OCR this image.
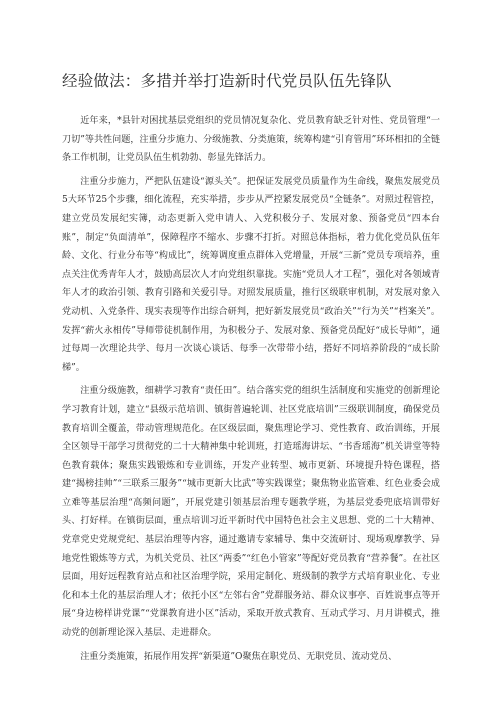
经验做法：多措并举打造新时代党员队伍先锋队

近年来，*县针对困扰基层党组织的党员情况复杂化、党员教育缺乏针对性、党员管理“一刀切”等共性问题，注重分步施力、分级施教、分类施策，统筹构建“引育管用”环环相扣的全链条工作机制，让党员队伍生机勃勃、彰显先锋活力。

注重分步施力，严把队伍建设“源头关”。把保证发展党员质量作为生命线，聚焦发展党员5大环节25个步骤，细化流程，充实举措，步步从严控紧发展党员“全链条”。对照过程管控，建立党员发展纪实簿，动态更新入党申请人、入党积极分子、发展对象、预备党员“四本台账”，制定“负面清单”，保障程序不缩水、步骤不打折。对照总体指标，着力优化党员队伍年龄、文化、行业分布等“构成比”，统筹调度重点群体入党增量，开展“三新”党员专项培养，重点关注优秀青年人才，鼓励高层次人才向党组织靠拢。实施“党员人才工程”，强化对各领域青年人才的政治引领、教育引路和关爱引导。对照发展质量，推行区级联审机制，对发展对象入党动机、入党条件、现实表现等作出综合研判，把好新发展党员“政治关”“行为关”“档案关”。发挥“薪火永相传”导师带徒机制作用，为积极分子、发展对象、预备党员配好“成长导师”，通过每周一次理论共学、每月一次谈心谈话、每季一次带带小结，搭好不同培养阶段的“成长阶梯”。

注重分级施教，细耕学习教育“责任田”。结合落实党的组织生活制度和实施党的创新理论学习教育计划，建立“县级示范培训、镇街普遍轮训、社区党底培训”三级联训制度，确保党员教育培训全覆盖，带动管理规范化。在区级层面，聚焦理论学习、党性教育、政治训练，开展全区领导干部学习贯彻党的二十大精神集中轮训班，打造瑶海讲坛、“书香瑶海”机关讲堂等特色教育载体；聚焦实践锻炼和专业训练，开发产业转型、城市更新、环境提升特色课程，搭建“揭榜挂帅”“三联系三服务”“城市更新大比武”等实践课堂；聚焦物业监管难、红色业委会成立难等基层治理“高频问题”，开展党建引领基层治理专题教学班，为基层党委兜底培训带好头、打好样。在镇街层面，重点培训习近平新时代中国特色社会主义思想、党的二十大精神、党章党史党规党纪、基层治理等内容，通过邀请专家辅导、集中交流研讨、现场观摩教学、异地党性锻炼等方式，为机关党员、社区“两委”“红色小管家”等配好党员教育“营养餐”。在社区层面，用好远程教育站点和社区治理学院，采用定制化、班级制的教学方式培育职业化、专业化和本土化的基层治理人才；依托小区“左邻右舍”党群服务站、群众议事亭、百姓说事点等开展“身边榜样讲党课”“党课教育进小区”活动，采取开放式教育、互动式学习、月月讲模式，推动党的创新理论深入基层、走进群众。

注重分类施策，拓展作用发挥“新渠道”O聚焦在职党员、无职党员、流动党员、
